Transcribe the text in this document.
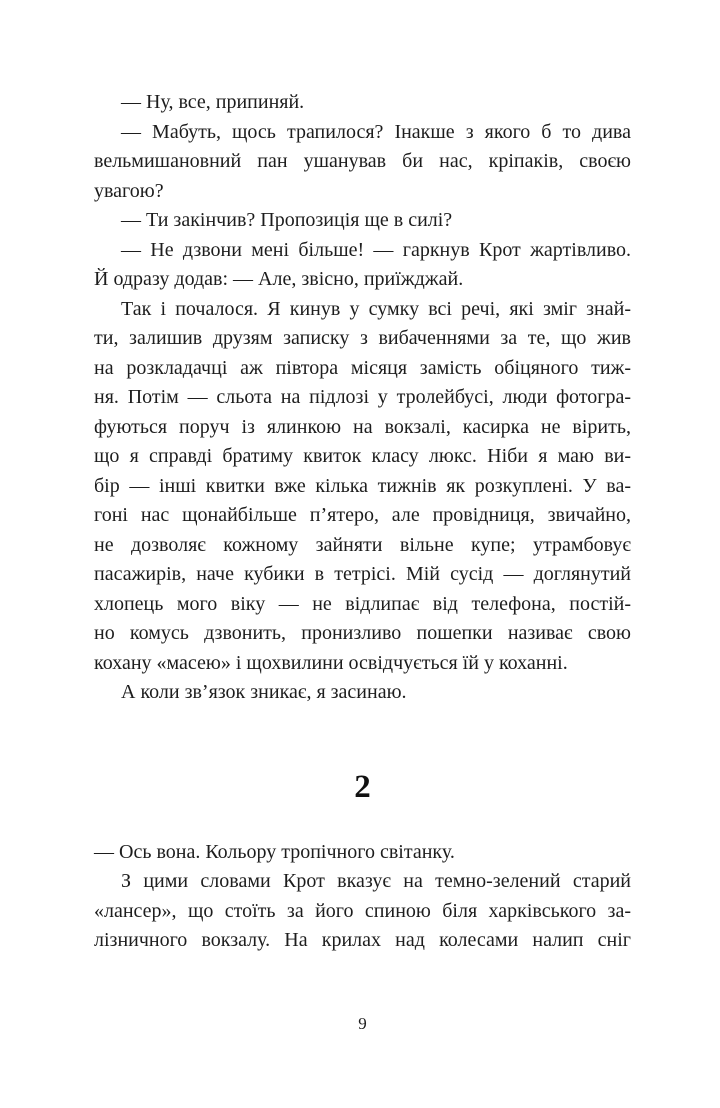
— Ну, все, припиняй.
— Мабуть, щось трапилося? Інакше з якого б то дива
вельмишановний пан ушанував би нас, кріпаків, своєю
увагою?
— Ти закінчив? Пропозиція ще в силі?
— Не дзвони мені більше! — гаркнув Крот жартівливо.
Й одразу додав: — Але, звісно, приїжджай.
Так і почалося. Я кинув у сумку всі речі, які зміг знай-
ти, залишив друзям записку з вибаченнями за те, що жив
на розкладачці аж півтора місяця замість обіцяного тиж-
ня. Потім — сльота на підлозі у тролейбусі, люди фотогра-
фуються поруч із ялинкою на вокзалі, касирка не вірить,
що я справді братиму квиток класу люкс. Ніби я маю ви-
бір — інші квитки вже кілька тижнів як розкуплені. У ва-
гоні нас щонайбільше п’ятеро, але провідниця, звичайно,
не дозволяє кожному зайняти вільне купе; утрамбовує
пасажирів, наче кубики в тетрісі. Мій сусід — доглянутий
хлопець мого віку — не відлипає від телефона, постій-
но комусь дзвонить, пронизливо пошепки називає свою
кохану «масею» і щохвилини освідчується їй у коханні.
А коли зв’язок зникає, я засинаю.
2
— Ось вона. Кольору тропічного світанку.
З цими словами Крот вказує на темно-зелений старий
«лансер», що стоїть за його спиною біля харківського за-
лізничного вокзалу. На крилах над колесами налип сніг
9
